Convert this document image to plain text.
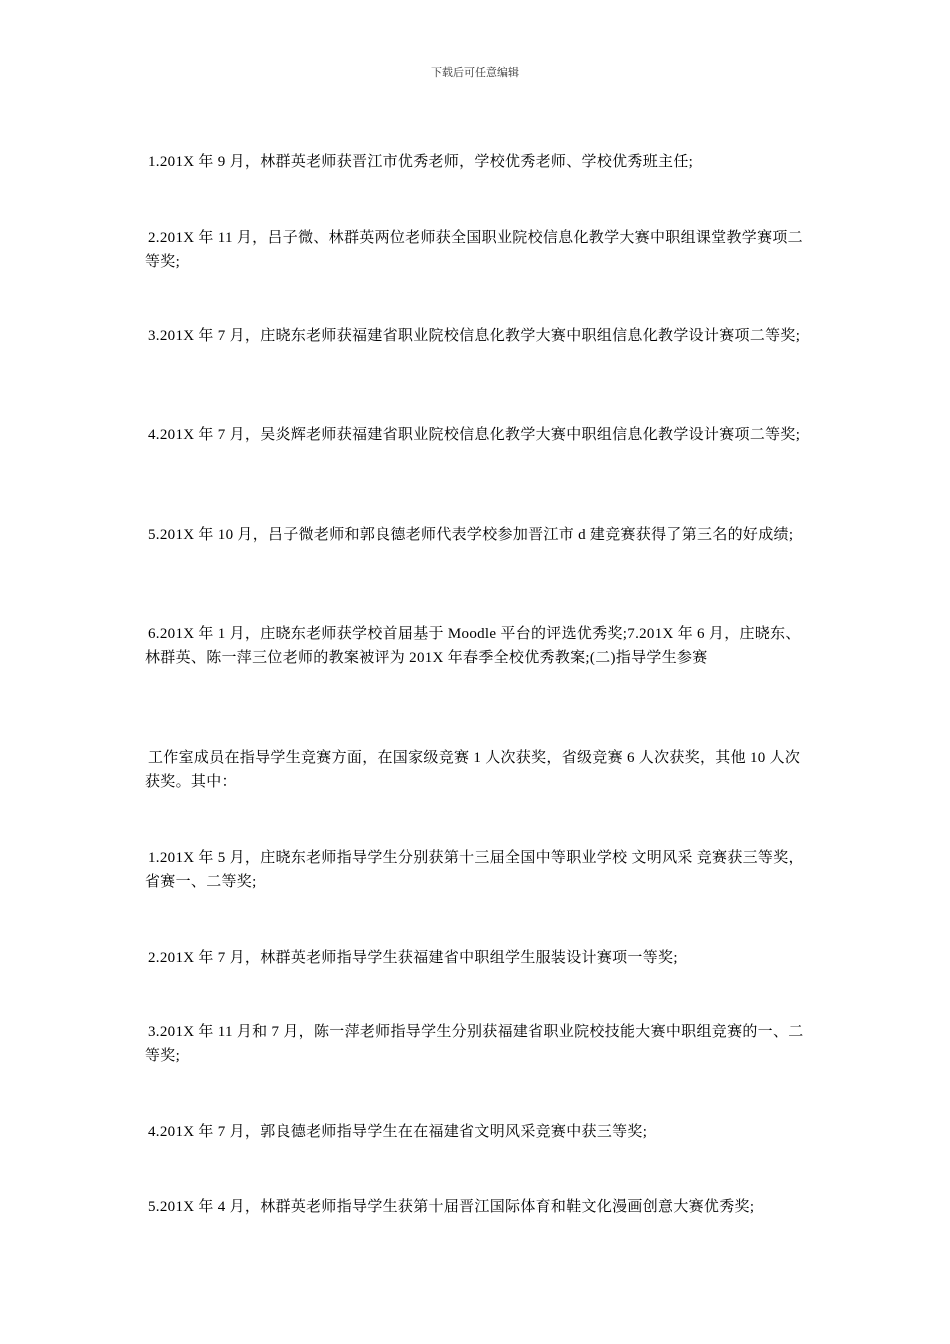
下载后可任意编辑

1.201X 年 9 月，林群英老师获晋江市优秀老师，学校优秀老师、学校优秀班主任;

2.201X 年 11 月，吕子微、林群英两位老师获全国职业院校信息化教学大赛中职组课堂教学赛项二等奖;

3.201X 年 7 月，庄晓东老师获福建省职业院校信息化教学大赛中职组信息化教学设计赛项二等奖;

4.201X 年 7 月，吴炎辉老师获福建省职业院校信息化教学大赛中职组信息化教学设计赛项二等奖;

5.201X 年 10 月，吕子微老师和郭良德老师代表学校参加晋江市 d 建竞赛获得了第三名的好成绩;

6.201X 年 1 月，庄晓东老师获学校首届基于 Moodle 平台的评选优秀奖;7.201X 年 6 月，庄晓东、林群英、陈一萍三位老师的教案被评为 201X 年春季全校优秀教案;(二)指导学生参赛

工作室成员在指导学生竞赛方面，在国家级竞赛 1 人次获奖，省级竞赛 6 人次获奖，其他 10 人次获奖。其中：

1.201X 年 5 月，庄晓东老师指导学生分别获第十三届全国中等职业学校 文明风采 竞赛获三等奖，省赛一、二等奖;

2.201X 年 7 月，林群英老师指导学生获福建省中职组学生服装设计赛项一等奖;

3.201X 年 11 月和 7 月，陈一萍老师指导学生分别获福建省职业院校技能大赛中职组竞赛的一、二等奖;

4.201X 年 7 月，郭良德老师指导学生在在福建省文明风采竞赛中获三等奖;

5.201X 年 4 月，林群英老师指导学生获第十届晋江国际体育和鞋文化漫画创意大赛优秀奖;
